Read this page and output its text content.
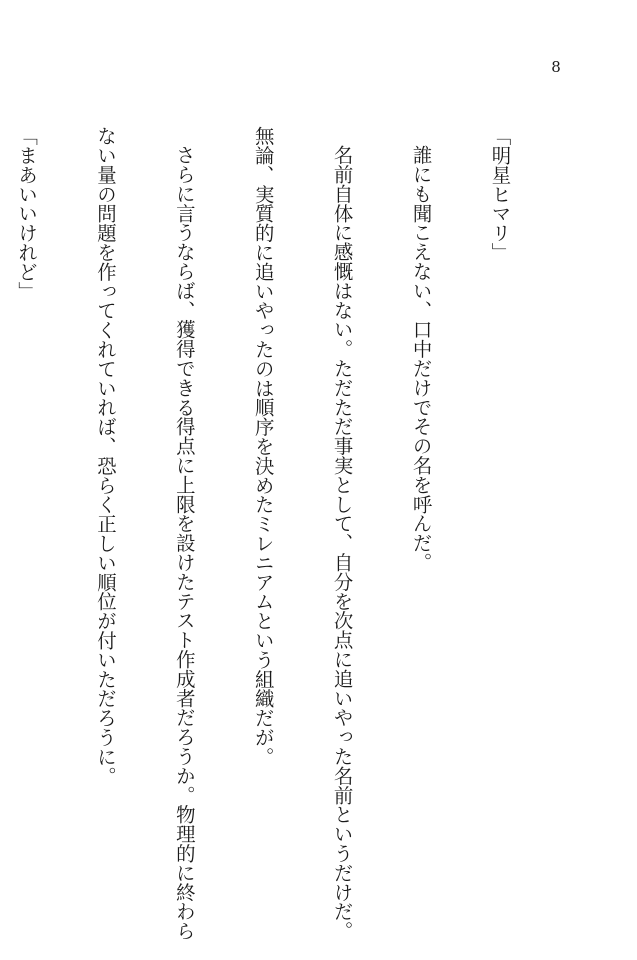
8

「明星ヒマリ」

誰にも聞こえない、口中だけでその名を呼んだ。

名前自体に感慨はない。ただただ事実として、自分を次点に追いやった名前というだけだ。

無論、実質的に追いやったのは順序を決めたミレニアムという組織だが。

さらに言うならば、獲得できる得点に上限を設けたテスト作成者だろうか。物理的に終わら

ない量の問題を作ってくれていれば、恐らく正しい順位が付いただろうに。

「まあいいけれど」
